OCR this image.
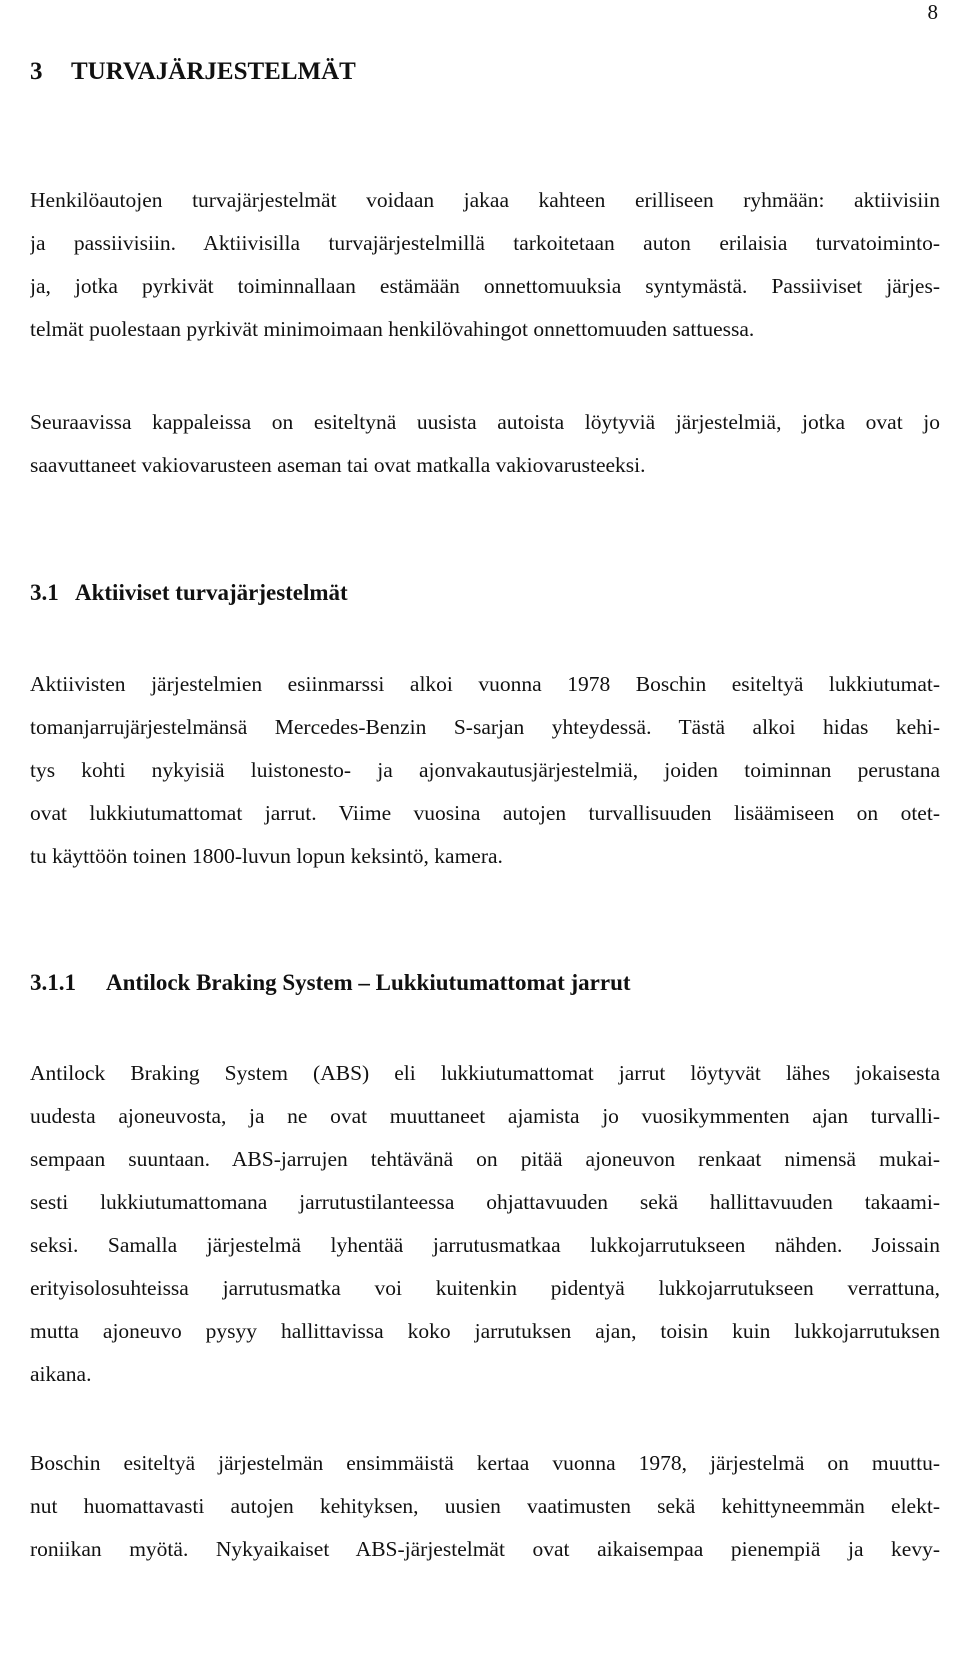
8
3 TURVAJÄRJESTELMÄT
Henkilöautojen turvajärjestelmät voidaan jakaa kahteen erilliseen ryhmään: aktiivisiin
ja passiivisiin. Aktiivisilla turvajärjestelmillä tarkoitetaan auton erilaisia turvatoiminto-
ja, jotka pyrkivät toiminnallaan estämään onnettomuuksia syntymästä. Passiiviset järjes-
telmät puolestaan pyrkivät minimoimaan henkilövahingot onnettomuuden sattuessa.
Seuraavissa kappaleissa on esiteltynä uusista autoista löytyviä järjestelmiä, jotka ovat jo
saavuttaneet vakiovarusteen aseman tai ovat matkalla vakiovarusteeksi.
3.1 Aktiiviset turvajärjestelmät
Aktiivisten järjestelmien esiinmarssi alkoi vuonna 1978 Boschin esiteltyä lukkiutumat-
tomanjarrujärjestelmänsä Mercedes-Benzin S-sarjan yhteydessä. Tästä alkoi hidas kehi-
tys kohti nykyisiä luistonesto- ja ajonvakautusjärjestelmiä, joiden toiminnan perustana
ovat lukkiutumattomat jarrut. Viime vuosina autojen turvallisuuden lisäämiseen on otet-
tu käyttöön toinen 1800-luvun lopun keksintö, kamera.
3.1.1 Antilock Braking System – Lukkiutumattomat jarrut
Antilock Braking System (ABS) eli lukkiutumattomat jarrut löytyvät lähes jokaisesta
uudesta ajoneuvosta, ja ne ovat muuttaneet ajamista jo vuosikymmenten ajan turvalli-
sempaan suuntaan. ABS-jarrujen tehtävänä on pitää ajoneuvon renkaat nimensä mukai-
sesti lukkiutumattomana jarrutustilanteessa ohjattavuuden sekä hallittavuuden takaami-
seksi. Samalla järjestelmä lyhentää jarrutusmatkaa lukkojarrutukseen nähden. Joissain
erityisolosuhteissa jarrutusmatka voi kuitenkin pidentyä lukkojarrutukseen verrattuna,
mutta ajoneuvo pysyy hallittavissa koko jarrutuksen ajan, toisin kuin lukkojarrutuksen
aikana.
Boschin esiteltyä järjestelmän ensimmäistä kertaa vuonna 1978, järjestelmä on muuttu-
nut huomattavasti autojen kehityksen, uusien vaatimusten sekä kehittyneemmän elekt-
roniikan myötä. Nykyaikaiset ABS-järjestelmät ovat aikaisempaa pienempiä ja kevy-
